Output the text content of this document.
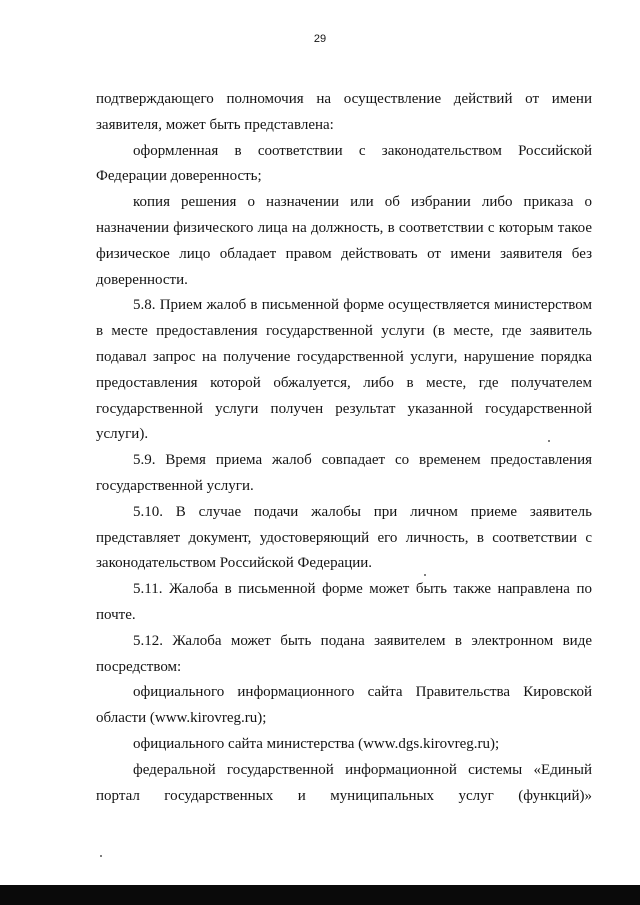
29

подтверждающего полномочия на осуществление действий от имени заявителя, может быть представлена:

оформленная в соответствии с законодательством Российской Федерации доверенность;

копия решения о назначении или об избрании либо приказа о назначении физического лица на должность, в соответствии с которым такое физическое лицо обладает правом действовать от имени заявителя без доверенности.

5.8. Прием жалоб в письменной форме осуществляется министерством в месте предоставления государственной услуги (в месте, где заявитель подавал запрос на получение государственной услуги, нарушение порядка предоставления которой обжалуется, либо в месте, где получателем государственной услуги получен результат указанной государственной услуги).

5.9. Время приема жалоб совпадает со временем предоставления государственной услуги.

5.10. В случае подачи жалобы при личном приеме заявитель представляет документ, удостоверяющий его личность, в соответствии с законодательством Российской Федерации.

5.11. Жалоба в письменной форме может быть также направлена по почте.

5.12. Жалоба может быть подана заявителем в электронном виде посредством:

официального информационного сайта Правительства Кировской области (www.kirovreg.ru);

официального сайта министерства (www.dgs.kirovreg.ru);

федеральной государственной информационной системы «Единый портал государственных и муниципальных услуг (функций)»
